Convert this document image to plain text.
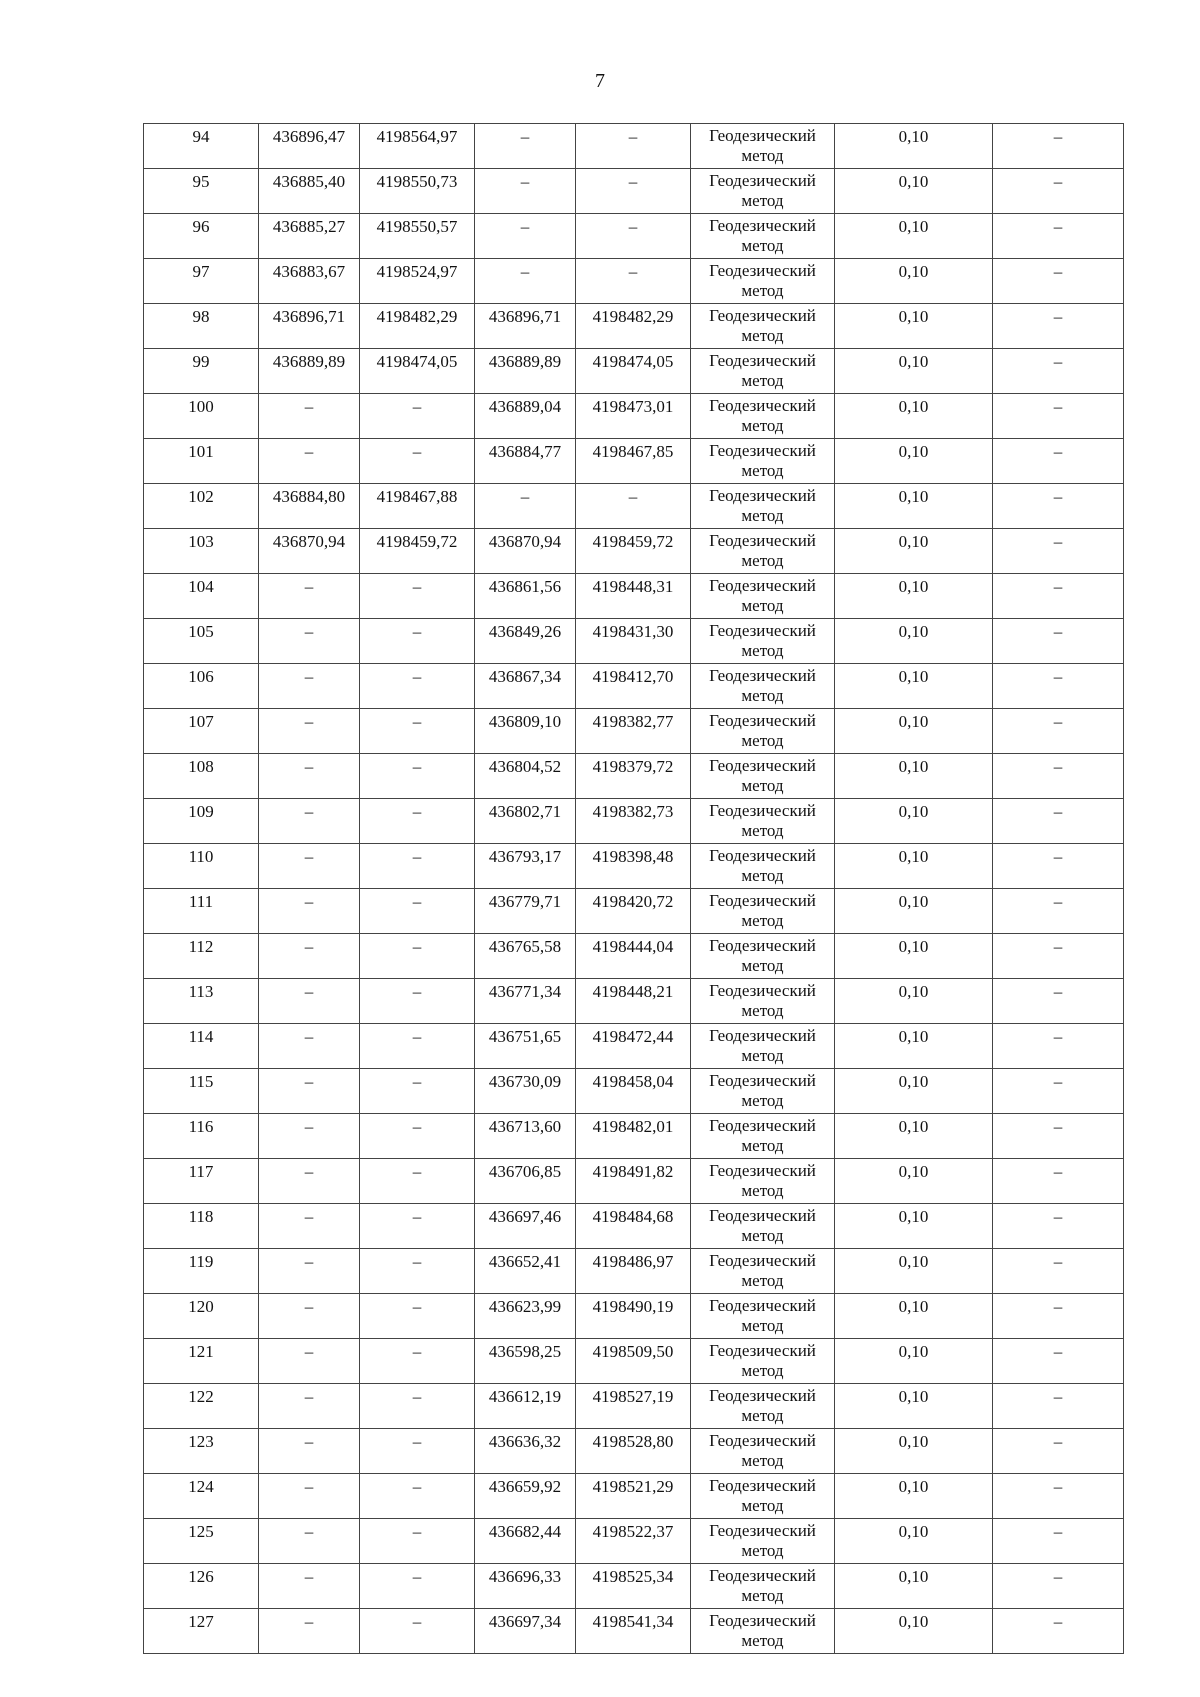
7
94	436896,47	4198564,97	–	–	Геодезический метод	0,10	–
95	436885,40	4198550,73	–	–	Геодезический метод	0,10	–
96	436885,27	4198550,57	–	–	Геодезический метод	0,10	–
97	436883,67	4198524,97	–	–	Геодезический метод	0,10	–
98	436896,71	4198482,29	436896,71	4198482,29	Геодезический метод	0,10	–
99	436889,89	4198474,05	436889,89	4198474,05	Геодезический метод	0,10	–
100	–	–	436889,04	4198473,01	Геодезический метод	0,10	–
101	–	–	436884,77	4198467,85	Геодезический метод	0,10	–
102	436884,80	4198467,88	–	–	Геодезический метод	0,10	–
103	436870,94	4198459,72	436870,94	4198459,72	Геодезический метод	0,10	–
104	–	–	436861,56	4198448,31	Геодезический метод	0,10	–
105	–	–	436849,26	4198431,30	Геодезический метод	0,10	–
106	–	–	436867,34	4198412,70	Геодезический метод	0,10	–
107	–	–	436809,10	4198382,77	Геодезический метод	0,10	–
108	–	–	436804,52	4198379,72	Геодезический метод	0,10	–
109	–	–	436802,71	4198382,73	Геодезический метод	0,10	–
110	–	–	436793,17	4198398,48	Геодезический метод	0,10	–
111	–	–	436779,71	4198420,72	Геодезический метод	0,10	–
112	–	–	436765,58	4198444,04	Геодезический метод	0,10	–
113	–	–	436771,34	4198448,21	Геодезический метод	0,10	–
114	–	–	436751,65	4198472,44	Геодезический метод	0,10	–
115	–	–	436730,09	4198458,04	Геодезический метод	0,10	–
116	–	–	436713,60	4198482,01	Геодезический метод	0,10	–
117	–	–	436706,85	4198491,82	Геодезический метод	0,10	–
118	–	–	436697,46	4198484,68	Геодезический метод	0,10	–
119	–	–	436652,41	4198486,97	Геодезический метод	0,10	–
120	–	–	436623,99	4198490,19	Геодезический метод	0,10	–
121	–	–	436598,25	4198509,50	Геодезический метод	0,10	–
122	–	–	436612,19	4198527,19	Геодезический метод	0,10	–
123	–	–	436636,32	4198528,80	Геодезический метод	0,10	–
124	–	–	436659,92	4198521,29	Геодезический метод	0,10	–
125	–	–	436682,44	4198522,37	Геодезический метод	0,10	–
126	–	–	436696,33	4198525,34	Геодезический метод	0,10	–
127	–	–	436697,34	4198541,34	Геодезический метод	0,10	–
